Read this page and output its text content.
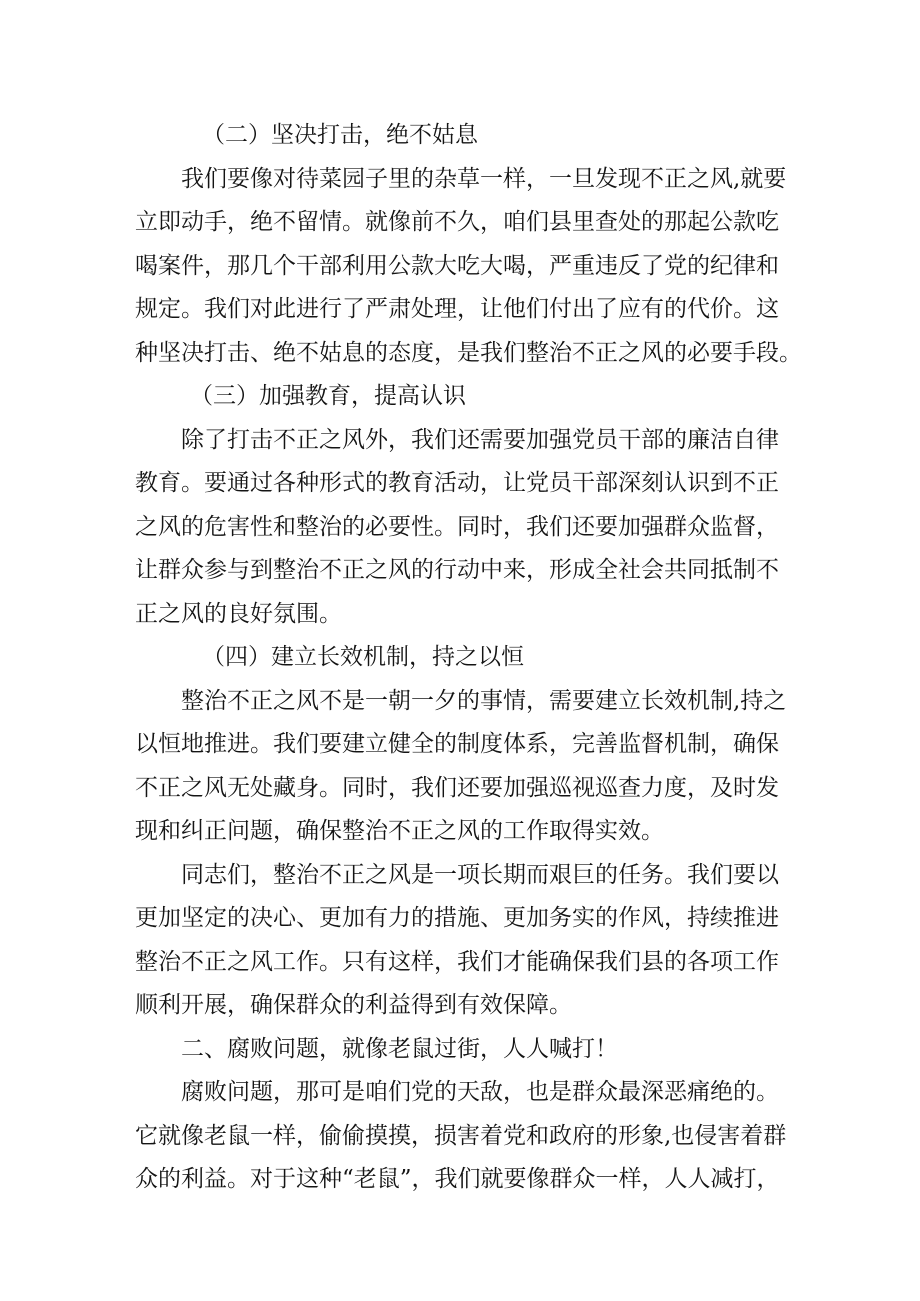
（二）坚决打击，绝不姑息

我们要像对待菜园子里的杂草一样，一旦发现不正之风,就要

立即动手，绝不留情。就像前不久，咱们县里查处的那起公款吃

喝案件，那几个干部利用公款大吃大喝，严重违反了党的纪律和

规定。我们对此进行了严肃处理，让他们付出了应有的代价。这

种坚决打击、绝不姑息的态度，是我们整治不正之风的必要手段。

（三）加强教育，提高认识

除了打击不正之风外，我们还需要加强党员干部的廉洁自律

教育。要通过各种形式的教育活动，让党员干部深刻认识到不正

之风的危害性和整治的必要性。同时，我们还要加强群众监督，

让群众参与到整治不正之风的行动中来，形成全社会共同抵制不

正之风的良好氛围。

（四）建立长效机制，持之以恒

整治不正之风不是一朝一夕的事情，需要建立长效机制,持之

以恒地推进。我们要建立健全的制度体系，完善监督机制，确保

不正之风无处藏身。同时，我们还要加强巡视巡查力度，及时发

现和纠正问题，确保整治不正之风的工作取得实效。

同志们，整治不正之风是一项长期而艰巨的任务。我们要以

更加坚定的决心、更加有力的措施、更加务实的作风，持续推进

整治不正之风工作。只有这样，我们才能确保我们县的各项工作

顺利开展，确保群众的利益得到有效保障。

二、腐败问题，就像老鼠过街，人人喊打！

腐败问题，那可是咱们党的天敌，也是群众最深恶痛绝的。

它就像老鼠一样，偷偷摸摸，损害着党和政府的形象,也侵害着群

众的利益。对于这种“老鼠”，我们就要像群众一样，人人减打，
